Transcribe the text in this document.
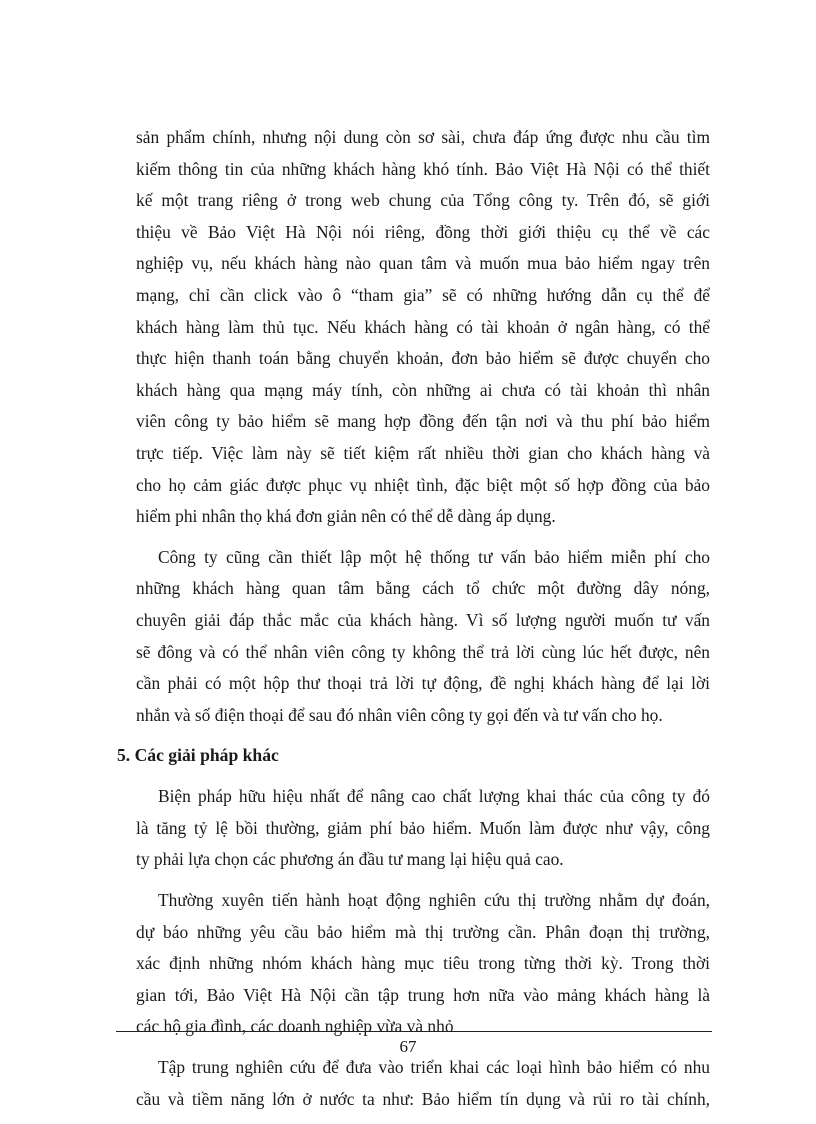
sản phẩm chính, nhưng nội dung còn sơ sài, chưa đáp ứng được nhu cầu tìm
kiếm thông tin của những khách hàng khó tính. Bảo Việt Hà Nội có thể thiết
kế một trang riêng ở trong web chung của Tổng công ty. Trên đó, sẽ giới
thiệu về Bảo Việt Hà Nội nói riêng, đồng thời giới thiệu cụ thể về các
nghiệp vụ, nếu khách hàng nào quan tâm và muốn mua bảo hiểm ngay trên
mạng, chỉ cần click vào ô “tham gia” sẽ có những hướng dẫn cụ thể để
khách hàng làm thủ tục. Nếu khách hàng có tài khoản ở ngân hàng, có thể
thực hiện thanh toán bằng chuyển khoản, đơn bảo hiểm sẽ được chuyển cho
khách hàng qua mạng máy tính, còn những ai chưa có tài khoản thì nhân
viên công ty bảo hiểm sẽ mang hợp đồng đến tận nơi và thu phí bảo hiểm
trực tiếp. Việc làm này sẽ tiết kiệm rất nhiều thời gian cho khách hàng và
cho họ cảm giác được phục vụ nhiệt tình, đặc biệt một số hợp đồng của bảo
hiểm phi nhân thọ khá đơn giản nên có thể dễ dàng áp dụng.
Công ty cũng cần thiết lập một hệ thống tư vấn bảo hiểm miễn phí cho
những khách hàng quan tâm bằng cách tổ chức một đường dây nóng,
chuyên giải đáp thắc mắc của khách hàng. Vì số lượng người muốn tư vấn
sẽ đông và có thể nhân viên công ty không thể trả lời cùng lúc hết được, nên
cần phải có một hộp thư thoại trả lời tự động, đề nghị khách hàng để lại lời
nhắn và số điện thoại để sau đó nhân viên công ty gọi đến và tư vấn cho họ.
5. Các giải pháp khác
Biện pháp hữu hiệu nhất để nâng cao chất lượng khai thác của công ty đó
là tăng tỷ lệ bồi thường, giảm phí bảo hiểm. Muốn làm được như vậy, công
ty phải lựa chọn các phương án đầu tư mang lại hiệu quả cao.
Thường xuyên tiến hành hoạt động nghiên cứu thị trường nhằm dự đoán,
dự báo những yêu cầu bảo hiểm mà thị trường cần. Phân đoạn thị trường,
xác định những nhóm khách hàng mục tiêu trong từng thời kỳ. Trong thời
gian tới, Bảo Việt Hà Nội cần tập trung hơn nữa vào mảng khách hàng là
các hộ gia đình, các doanh nghiệp vừa và nhỏ
Tập trung nghiên cứu để đưa vào triển khai các loại hình bảo hiểm có nhu
cầu và tiềm năng lớn ở nước ta như: Bảo hiểm tín dụng và rủi ro tài chính,
67
